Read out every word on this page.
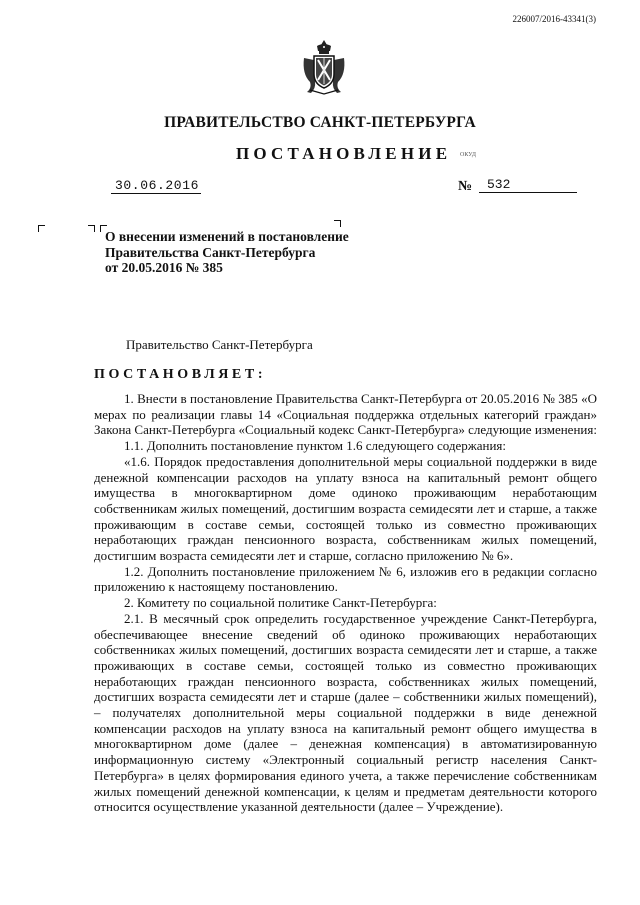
226007/2016-43341(3)
ПРАВИТЕЛЬСТВО САНКТ-ПЕТЕРБУРГА
ПОСТАНОВЛЕНИЕ ОКУД
30.06.2016	№	532
О внесении изменений в постановление
Правительства Санкт-Петербурга
от 20.05.2016 № 385
Правительство Санкт-Петербурга
ПОСТАНОВЛЯЕТ:

1. Внести в постановление Правительства Санкт-Петербурга от 20.05.2016 № 385 «О мерах по реализации главы 14 «Социальная поддержка отдельных категорий граждан» Закона Санкт-Петербурга «Социальный кодекс Санкт-Петербурга» следующие изменения:

1.1. Дополнить постановление пунктом 1.6 следующего содержания:

«1.6. Порядок предоставления дополнительной меры социальной поддержки в виде денежной компенсации расходов на уплату взноса на капитальный ремонт общего имущества в многоквартирном доме одиноко проживающим неработающим собственникам жилых помещений, достигшим возраста семидесяти лет и старше, а также проживающим в составе семьи, состоящей только из совместно проживающих неработающих граждан пенсионного возраста, собственникам жилых помещений, достигшим возраста семидесяти лет и старше, согласно приложению № 6».

1.2. Дополнить постановление приложением № 6, изложив его в редакции согласно приложению к настоящему постановлению.

2. Комитету по социальной политике Санкт-Петербурга:

2.1. В месячный срок определить государственное учреждение Санкт-Петербурга, обеспечивающее внесение сведений об одиноко проживающих неработающих собственниках жилых помещений, достигших возраста семидесяти лет и старше, а также проживающих в составе семьи, состоящей только из совместно проживающих неработающих граждан пенсионного возраста, собственниках жилых помещений, достигших возраста семидесяти лет и старше (далее – собственники жилых помещений), – получателях дополнительной меры социальной поддержки в виде денежной компенсации расходов на уплату взноса на капитальный ремонт общего имущества в многоквартирном доме (далее – денежная компенсация) в автоматизированную информационную систему «Электронный социальный регистр населения Санкт-Петербурга» в целях формирования единого учета, а также перечисление собственникам жилых помещений денежной компенсации, к целям и предметам деятельности которого относится осуществление указанной деятельности (далее – Учреждение).
